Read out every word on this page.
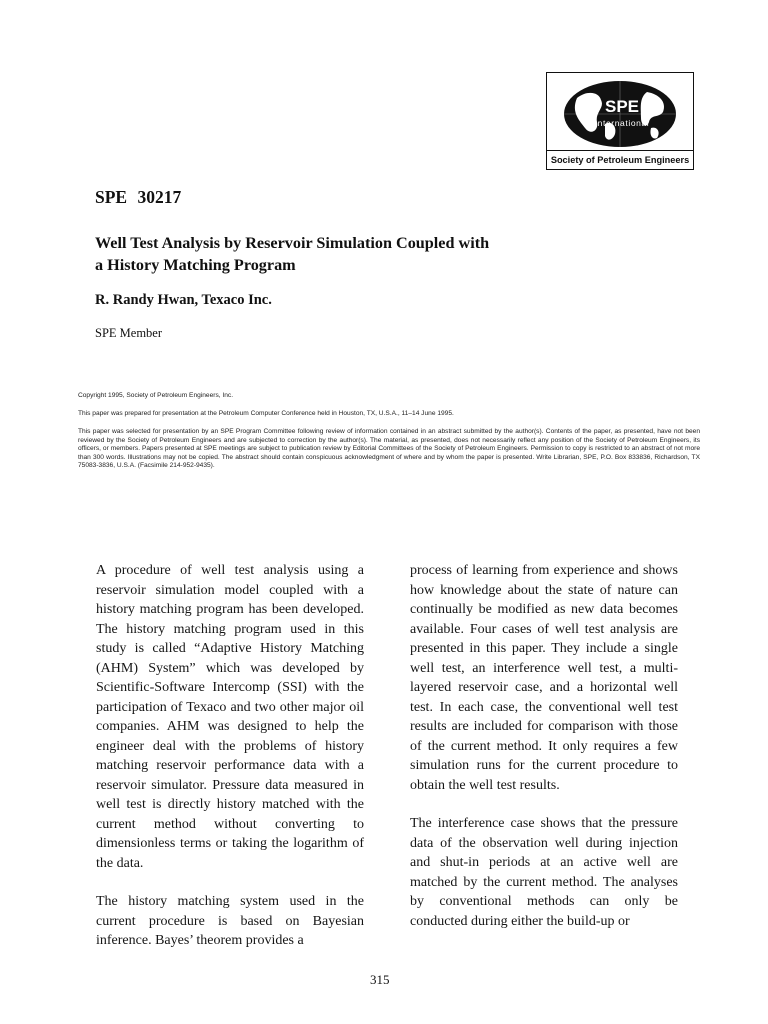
SPE
International
Society of Petroleum Engineers
SPE 30217
Well Test Analysis by Reservoir Simulation Coupled with
a History Matching Program
R. Randy Hwan, Texaco Inc.
SPE Member
Copyright 1995, Society of Petroleum Engineers, Inc.
This paper was prepared for presentation at the Petroleum Computer Conference held in Houston, TX, U.S.A., 11–14 June 1995.
This paper was selected for presentation by an SPE Program Committee following review of information contained in an abstract submitted by the author(s). Contents of the paper, as presented, have not been reviewed by the Society of Petroleum Engineers and are subjected to correction by the author(s). The material, as presented, does not necessarily reflect any position of the Society of Petroleum Engineers, its officers, or members. Papers presented at SPE meetings are subject to publication review by Editorial Committees of the Society of Petroleum Engineers. Permission to copy is restricted to an abstract of not more than 300 words. Illustrations may not be copied. The abstract should contain conspicuous acknowledgment of where and by whom the paper is presented. Write Librarian, SPE, P.O. Box 833836, Richardson, TX 75083-3836, U.S.A. (Facsimile 214-952-9435).

A procedure of well test analysis using a reservoir simulation model coupled with a history matching program has been developed. The history matching program used in this study is called “Adaptive History Matching (AHM) System” which was developed by Scientific-Software Intercomp (SSI) with the participation of Texaco and two other major oil companies. AHM was designed to help the engineer deal with the problems of history matching reservoir performance data with a reservoir simulator. Pressure data measured in well test is directly history matched with the current method without converting to dimensionless terms or taking the logarithm of the data.

The history matching system used in the current procedure is based on Bayesian inference. Bayes’ theorem provides a

process of learning from experience and shows how knowledge about the state of nature can continually be modified as new data becomes available. Four cases of well test analysis are presented in this paper. They include a single well test, an interference well test, a multi-layered reservoir case, and a horizontal well test. In each case, the conventional well test results are included for comparison with those of the current method. It only requires a few simulation runs for the current procedure to obtain the well test results.

The interference case shows that the pressure data of the observation well during injection and shut-in periods at an active well are matched by the current method. The analyses by conventional methods can only be conducted during either the build-up or

315
